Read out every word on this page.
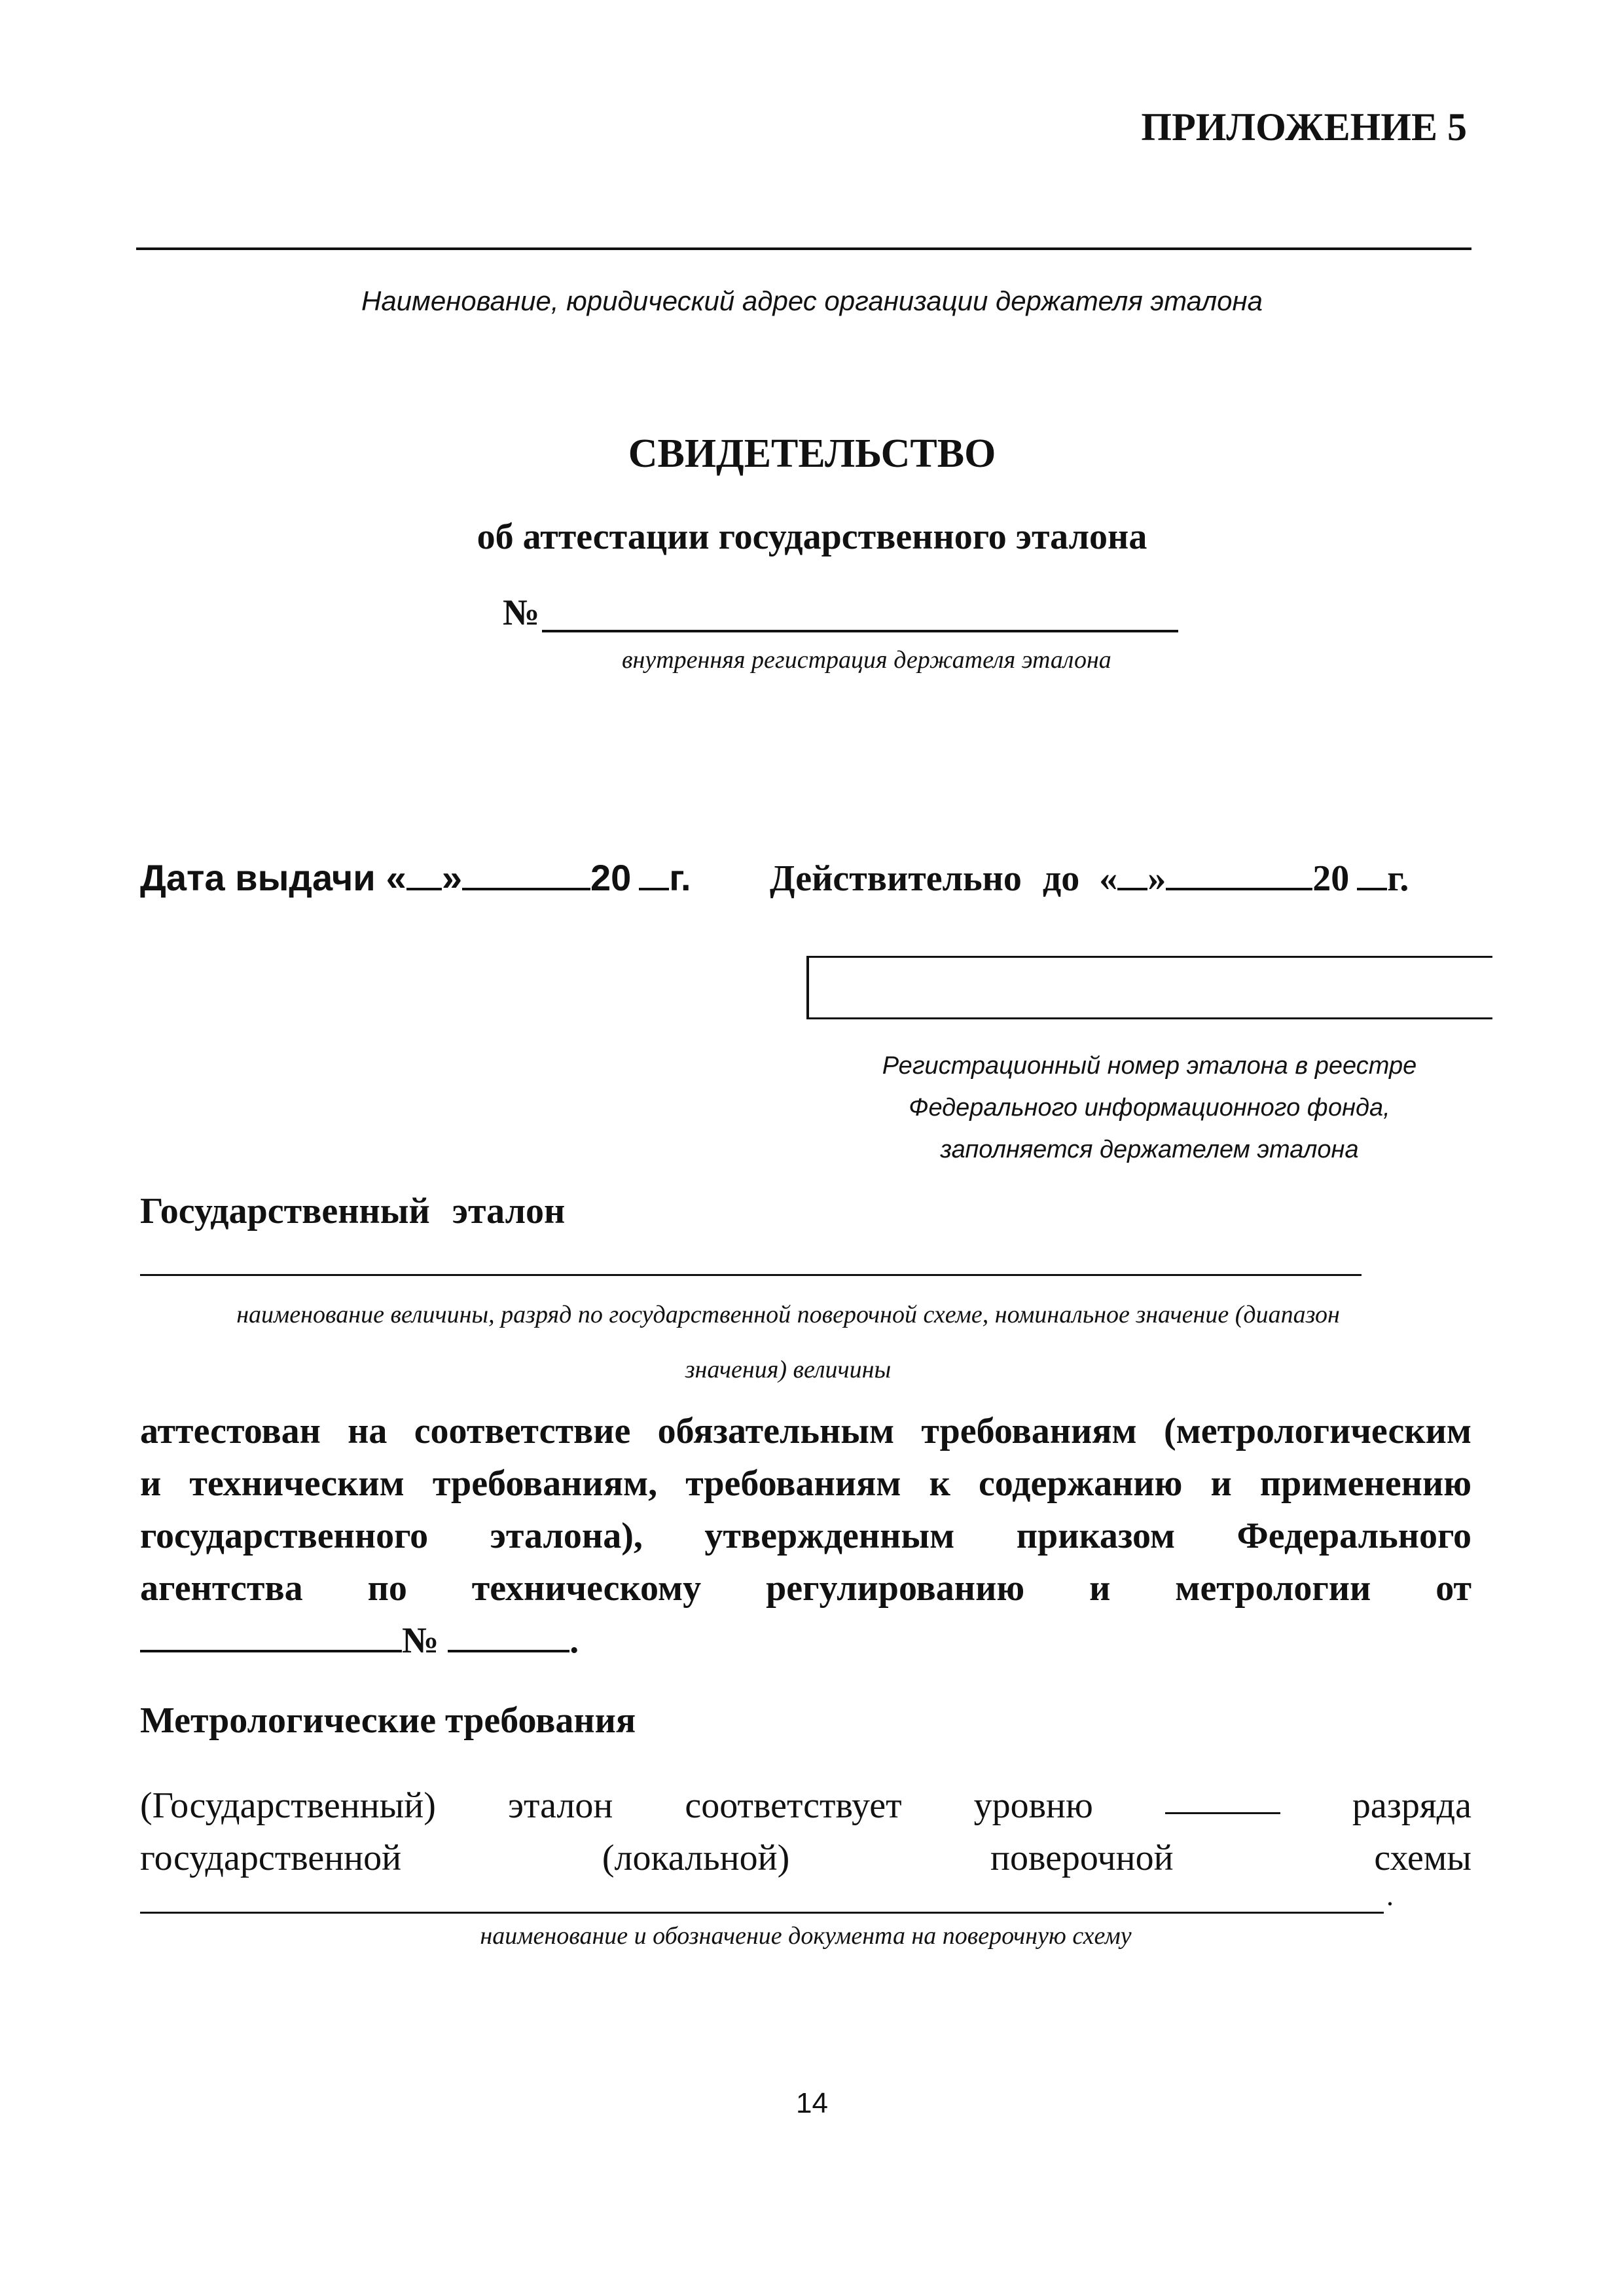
ПРИЛОЖЕНИЕ 5
Наименование, юридический адрес организации держателя эталона
СВИДЕТЕЛЬСТВО
об аттестации государственного эталона
№
внутренняя регистрация держателя эталона
Дата выдачи « »	20 г. Действительно до « »	20 г.
Регистрационный номер эталона в реестре
Федерального информационного фонда,
заполняется держателем эталона
Государственный эталон
наименование величины, разряд по государственной поверочной схеме, номинальное значение (диапазон
значения) величины
аттестован на соответствие обязательным требованиям (метрологическим
и техническим требованиям, требованиям к содержанию и применению
государственного эталона), утвержденным приказом Федерального
агентства по техническому регулированию и метрологии от
№	.
Метрологические требования
(Государственный) эталон соответствует уровню	разряда
государственной	(локальной)	поверочной	схемы
.
наименование и обозначение документа на поверочную схему
14
